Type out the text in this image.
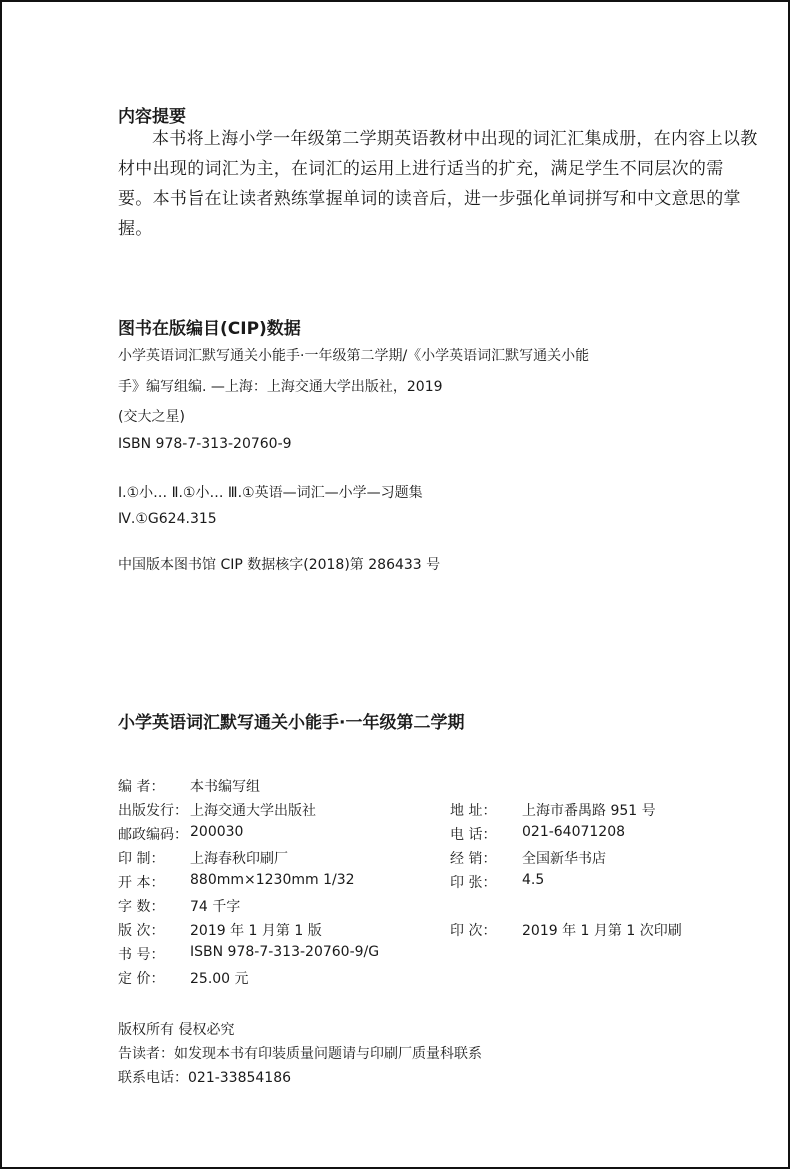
内容提要
本书将上海小学一年级第二学期英语教材中出现的词汇汇集成册，在内容上以教材中出现的词汇为主，在词汇的运用上进行适当的扩充，满足学生不同层次的需要。本书旨在让读者熟练掌握单词的读音后，进一步强化单词拼写和中文意思的掌握。
图书在版编目(CIP)数据
小学英语词汇默写通关小能手·一年级第二学期/《小学英语词汇默写通关小能
手》编写组编. —上海：上海交通大学出版社，2019
(交大之星)
ISBN 978-7-313-20760-9
Ⅰ.①小… Ⅱ.①小… Ⅲ.①英语—词汇—小学—习题集
Ⅳ.①G624.315
中国版本图书馆 CIP 数据核字(2018)第 286433 号
小学英语词汇默写通关小能手·一年级第二学期
编 者： 本书编写组
出版发行： 上海交通大学出版社
邮政编码： 200030
印 制： 上海春秋印刷厂
开 本： 880mm×1230mm 1/32
字 数： 74 千字
版 次： 2019 年 1 月第 1 版
书 号： ISBN 978-7-313-20760-9/G
定 价： 25.00 元
地 址： 上海市番禺路 951 号
电 话： 021-64071208
经 销： 全国新华书店
印 张： 4.5
印 次： 2019 年 1 月第 1 次印刷
版权所有 侵权必究
告读者：如发现本书有印装质量问题请与印刷厂质量科联系
联系电话：021-33854186
